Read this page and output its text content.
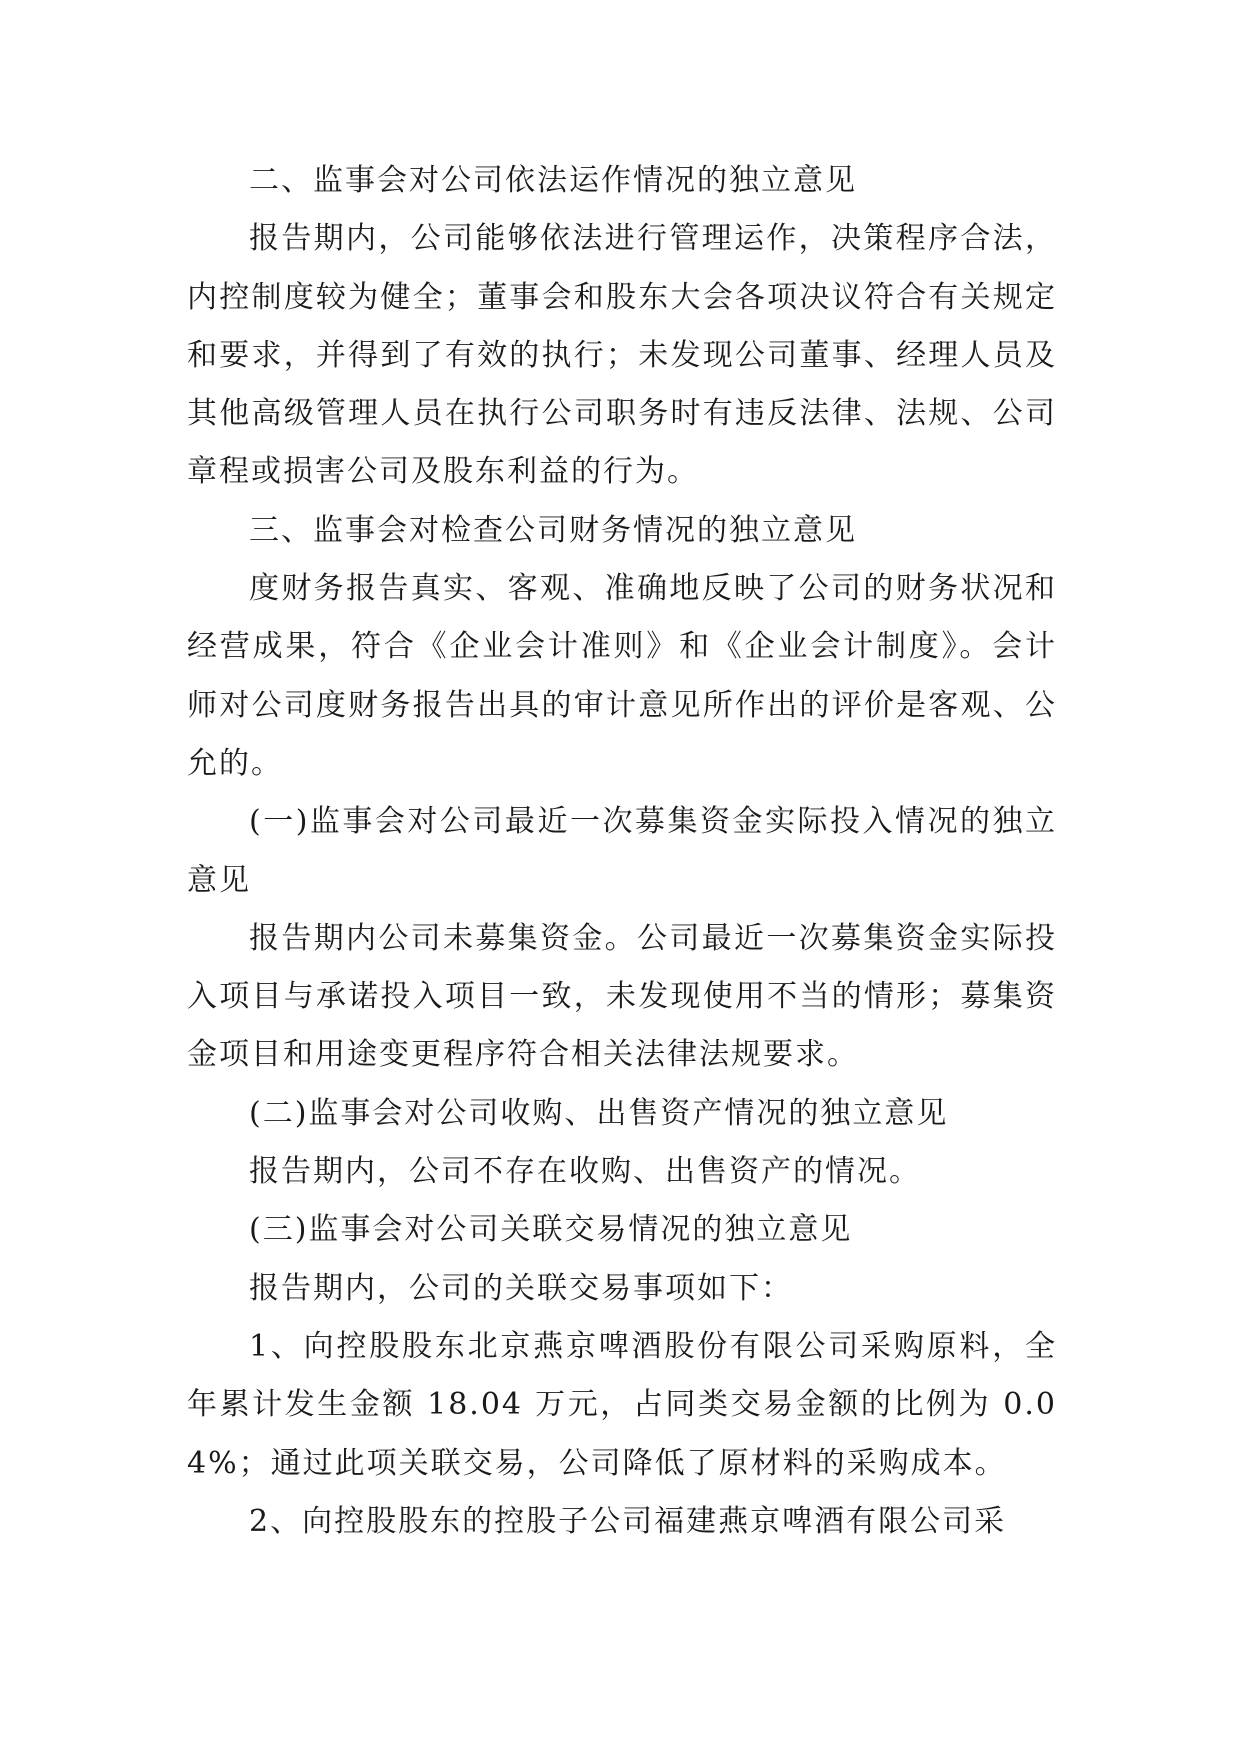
二、监事会对公司依法运作情况的独立意见

报告期内，公司能够依法进行管理运作，决策程序合法，内控制度较为健全；董事会和股东大会各项决议符合有关规定和要求，并得到了有效的执行；未发现公司董事、经理人员及其他高级管理人员在执行公司职务时有违反法律、法规、公司章程或损害公司及股东利益的行为。

三、监事会对检查公司财务情况的独立意见

度财务报告真实、客观、准确地反映了公司的财务状况和经营成果，符合《企业会计准则》和《企业会计制度》。会计师对公司度财务报告出具的审计意见所作出的评价是客观、公允的。

(一)监事会对公司最近一次募集资金实际投入情况的独立意见

报告期内公司未募集资金。公司最近一次募集资金实际投入项目与承诺投入项目一致，未发现使用不当的情形；募集资金项目和用途变更程序符合相关法律法规要求。

(二)监事会对公司收购、出售资产情况的独立意见

报告期内，公司不存在收购、出售资产的情况。

(三)监事会对公司关联交易情况的独立意见

报告期内，公司的关联交易事项如下：

1、向控股股东北京燕京啤酒股份有限公司采购原料，全年累计发生金额 18.04 万元，占同类交易金额的比例为 0.04%；通过此项关联交易，公司降低了原材料的采购成本。

2、向控股股东的控股子公司福建燕京啤酒有限公司采
